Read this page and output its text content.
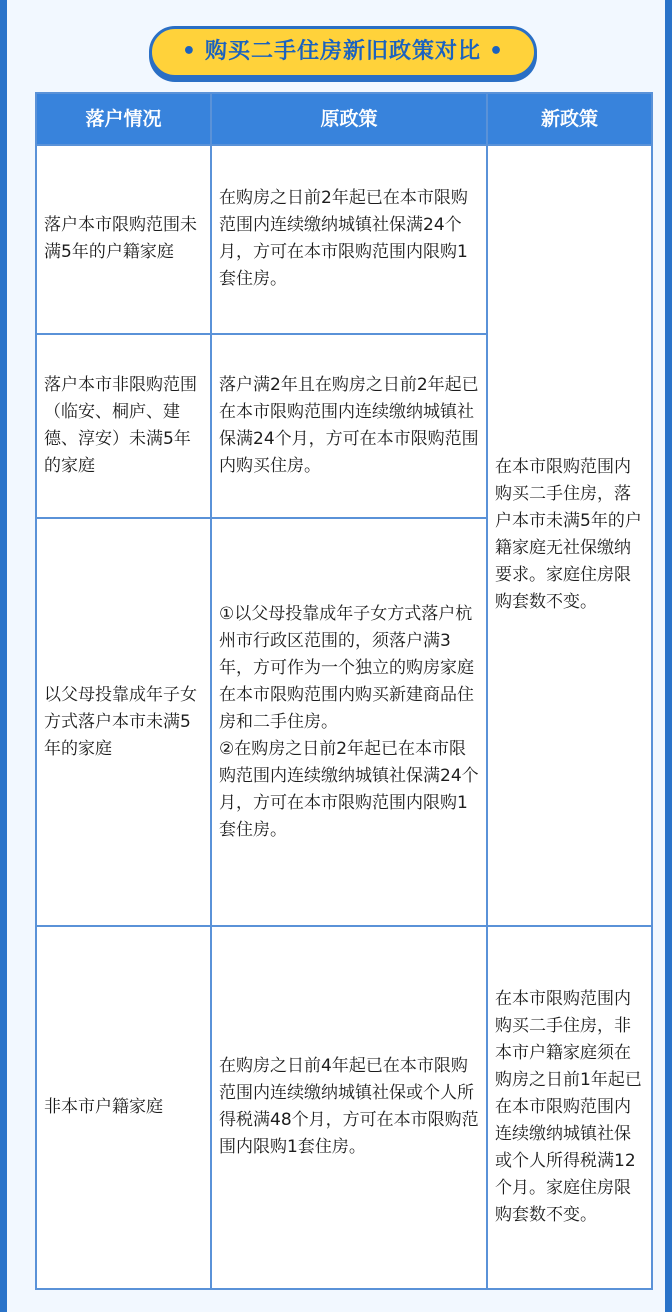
• 购买二手住房新旧政策对比 •
落户情况	原政策	新政策
落户本市限购范围未满5年的户籍家庭	在购房之日前2年起已在本市限购范围内连续缴纳城镇社保满24个月，方可在本市限购范围内限购1套住房。	在本市限购范围内购买二手住房，落户本市未满5年的户籍家庭无社保缴纳要求。家庭住房限购套数不变。
落户本市非限购范围（临安、桐庐、建德、淳安）未满5年的家庭	落户满2年且在购房之日前2年起已在本市限购范围内连续缴纳城镇社保满24个月，方可在本市限购范围内购买住房。	
以父母投靠成年子女方式落户本市未满5年的家庭	①以父母投靠成年子女方式落户杭州市行政区范围的，须落户满3年，方可作为一个独立的购房家庭在本市限购范围内购买新建商品住房和二手住房。
②在购房之日前2年起已在本市限购范围内连续缴纳城镇社保满24个月，方可在本市限购范围内限购1套住房。	

非本市户籍家庭	在购房之日前4年起已在本市限购范围内连续缴纳城镇社保或个人所得税满48个月，方可在本市限购范围内限购1套住房。	在本市限购范围内购买二手住房，非本市户籍家庭须在购房之日前1年起已在本市限购范围内连续缴纳城镇社保或个人所得税满12个月。家庭住房限购套数不变。
